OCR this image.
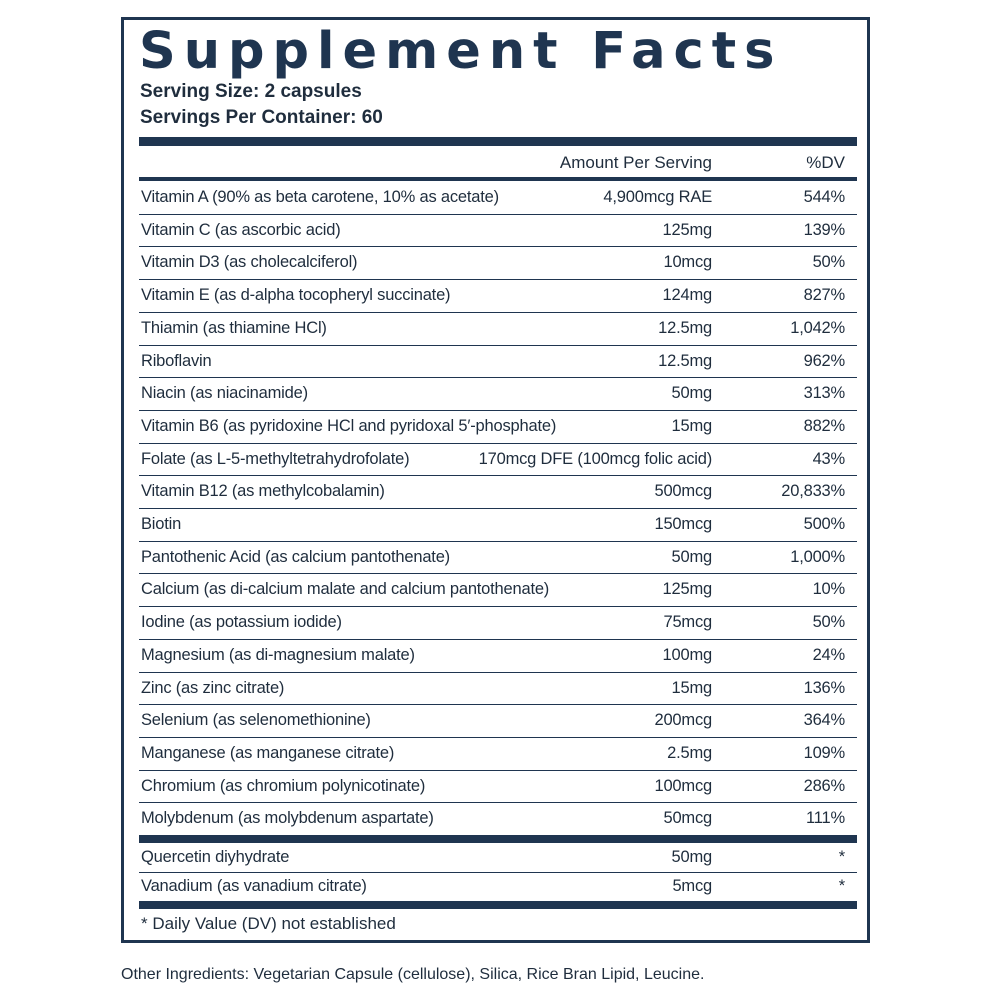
Supplement Facts
Serving Size: 2 capsules
Servings Per Container: 60
Amount Per Serving	%DV
Vitamin A (90% as beta carotene, 10% as acetate)	4,900mcg RAE	544%
Vitamin C (as ascorbic acid)	125mg	139%
Vitamin D3 (as cholecalciferol)	10mcg	50%
Vitamin E (as d-alpha tocopheryl succinate)	124mg	827%
Thiamin (as thiamine HCl)	12.5mg	1,042%
Riboflavin	12.5mg	962%
Niacin (as niacinamide)	50mg	313%
Vitamin B6 (as pyridoxine HCl and pyridoxal 5′-phosphate)	15mg	882%
Folate (as L-5-methyltetrahydrofolate)	170mcg DFE (100mcg folic acid)	43%
Vitamin B12 (as methylcobalamin)	500mcg	20,833%
Biotin	150mcg	500%
Pantothenic Acid (as calcium pantothenate)	50mg	1,000%
Calcium (as di-calcium malate and calcium pantothenate)	125mg	10%
Iodine (as potassium iodide)	75mcg	50%
Magnesium (as di-magnesium malate)	100mg	24%
Zinc (as zinc citrate)	15mg	136%
Selenium (as selenomethionine)	200mcg	364%
Manganese (as manganese citrate)	2.5mg	109%
Chromium (as chromium polynicotinate)	100mcg	286%
Molybdenum (as molybdenum aspartate)	50mcg	111%
Quercetin diyhydrate	50mg	*
Vanadium (as vanadium citrate)	5mcg	*
* Daily Value (DV) not established
Other Ingredients: Vegetarian Capsule (cellulose), Silica, Rice Bran Lipid, Leucine.
